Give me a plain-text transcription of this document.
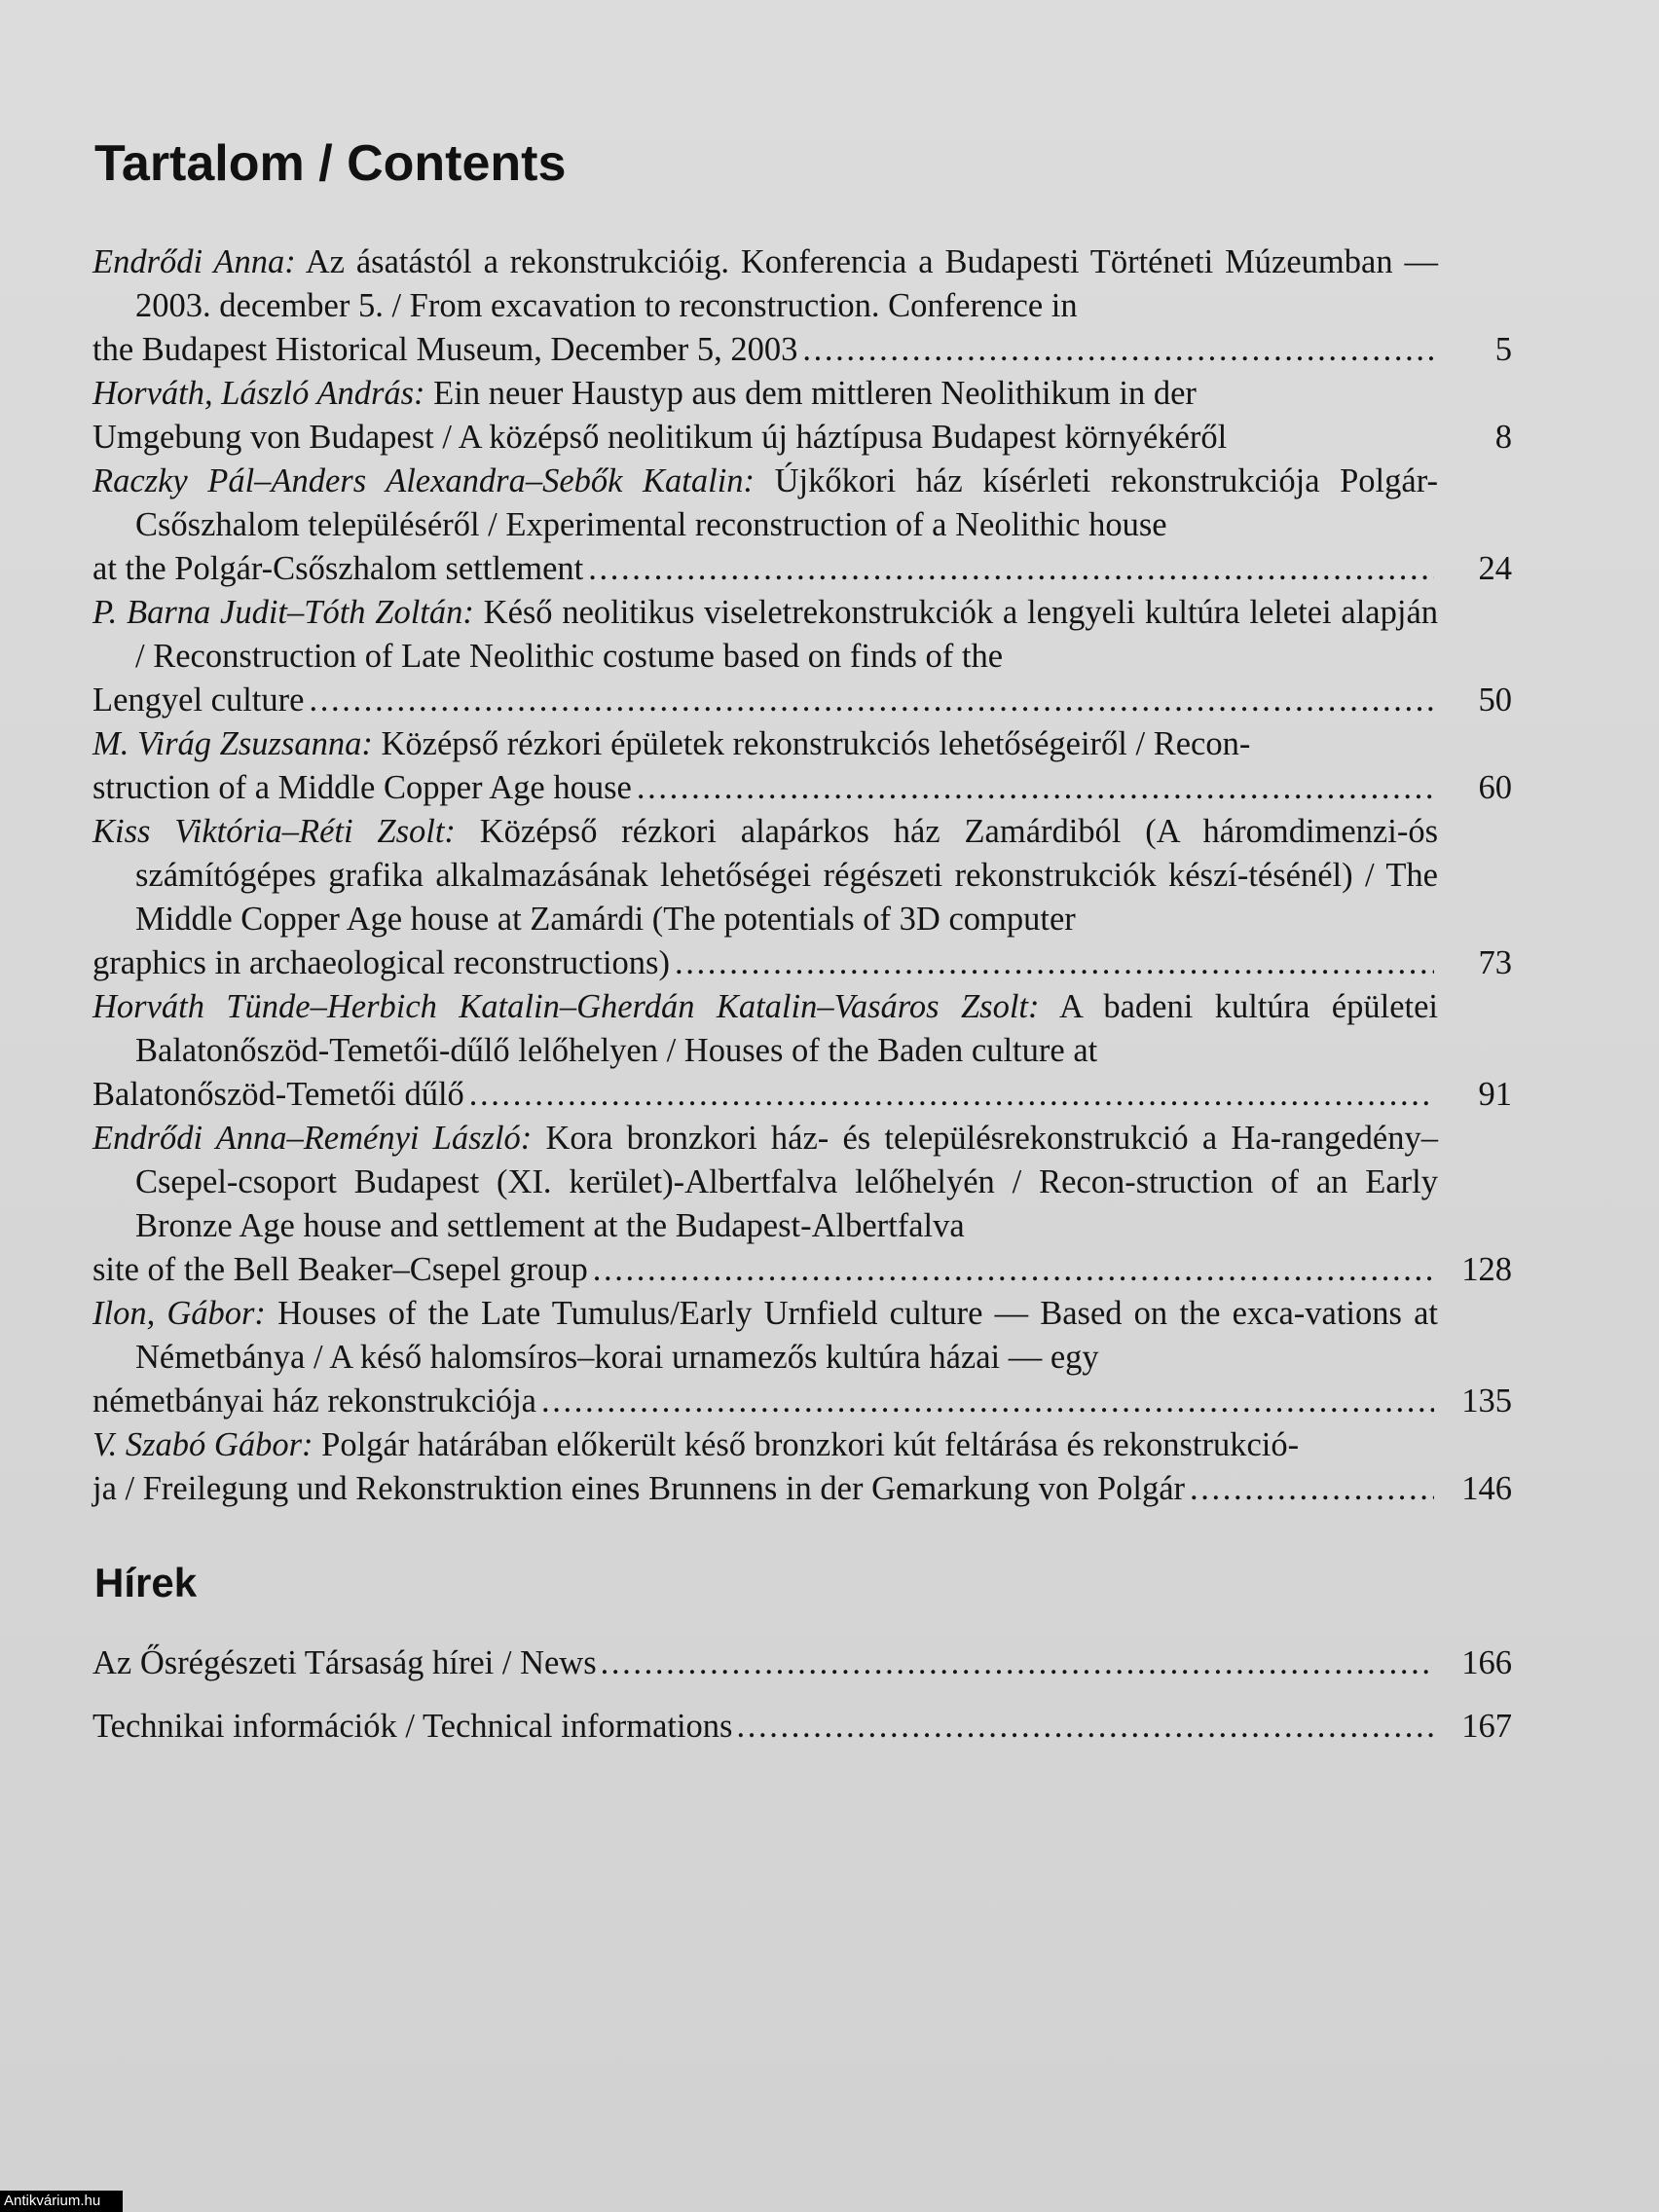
Tartalom / Contents
Endrődi Anna: Az ásatástól a rekonstrukcióig. Konferencia a Budapesti Történeti Múzeumban — 2003. december 5. / From excavation to reconstruction. Conference in
the Budapest Historical Museum, December 5, 2003 . . .	5
Horváth, László András: Ein neuer Haustyp aus dem mittleren Neolithikum in der
Umgebung von Budapest / A középső neolitikum új háztípusa Budapest környékéről	8
Raczky Pál–Anders Alexandra–Sebők Katalin: Újkőkori ház kísérleti rekonstrukciója Polgár-Csőszhalom településéről / Experimental reconstruction of a Neolithic house
at the Polgár-Csőszhalom settlement . . .	24
P. Barna Judit–Tóth Zoltán: Késő neolitikus viseletrekonstrukciók a lengyeli kultúra leletei alapján / Reconstruction of Late Neolithic costume based on finds of the
Lengyel culture . . .	50
M. Virág Zsuzsanna: Középső rézkori épületek rekonstrukciós lehetőségeiről / Recon-
struction of a Middle Copper Age house . . .	60
Kiss Viktória–Réti Zsolt: Középső rézkori alapárkos ház Zamárdiból (A háromdimenzi-ós számítógépes grafika alkalmazásának lehetőségei régészeti rekonstrukciók készí-tésénél) / The Middle Copper Age house at Zamárdi (The potentials of 3D computer
graphics in archaeological reconstructions) . . .	73
Horváth Tünde–Herbich Katalin–Gherdán Katalin–Vasáros Zsolt: A badeni kultúra épületei Balatonőszöd-Temetői-dűlő lelőhelyen / Houses of the Baden culture at
Balatonőszöd-Temetői dűlő . . .	91
Endrődi Anna–Reményi László: Kora bronzkori ház- és településrekonstrukció a Ha-rangedény–Csepel-csoport Budapest (XI. kerület)-Albertfalva lelőhelyén / Recon-struction of an Early Bronze Age house and settlement at the Budapest-Albertfalva
site of the Bell Beaker–Csepel group . . .	128
Ilon, Gábor: Houses of the Late Tumulus/Early Urnfield culture — Based on the exca-vations at Németbánya / A késő halomsíros–korai urnamezős kultúra házai — egy
németbányai ház rekonstrukciója . . .	135
V. Szabó Gábor: Polgár határában előkerült késő bronzkori kút feltárása és rekonstrukció-
ja / Freilegung und Rekonstruktion eines Brunnens in der Gemarkung von Polgár . . .	146
Hírek
Az Ősrégészeti Társaság hírei / News . . .	166
Technikai információk / Technical informations . . .	167
Antikvárium.hu
